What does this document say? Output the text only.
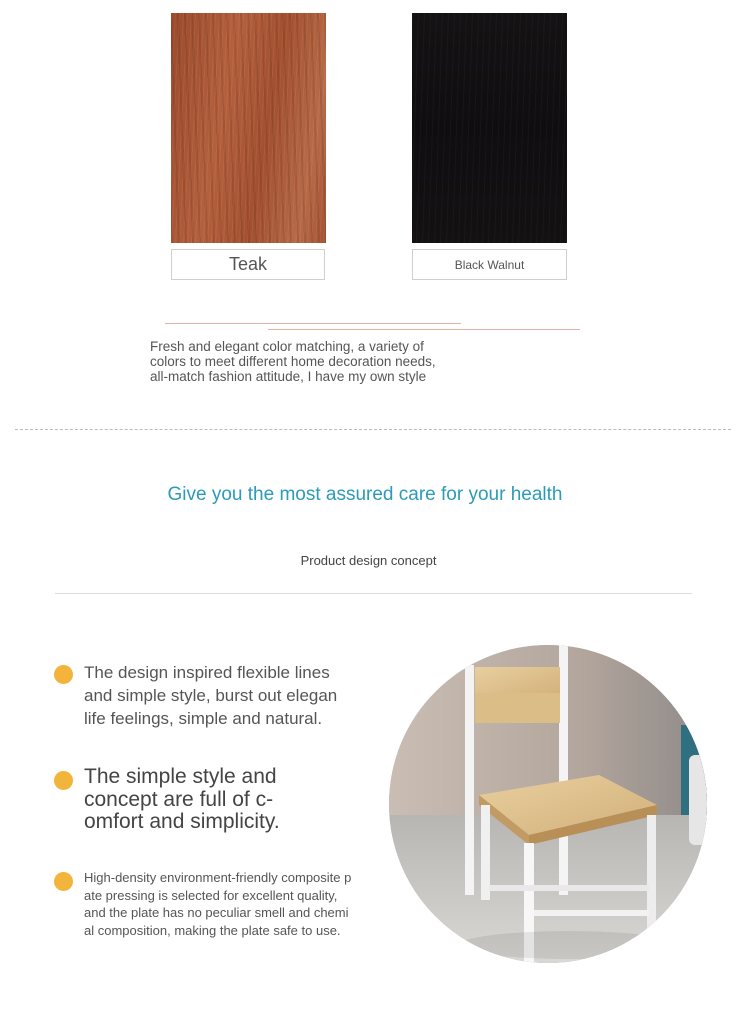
Teak	Black Walnut
Fresh and elegant color matching, a variety of
colors to meet different home decoration needs,
all-match fashion attitude, I have my own style
Give you the most assured care for your health
Product design concept
The design inspired flexible lines
and simple style, burst out elegan
life feelings, simple and natural.
The simple style and
concept are full of c-
omfort and simplicity.
High-density environment-friendly composite p
ate pressing is selected for excellent quality,
and the plate has no peculiar smell and chemi
al composition, making the plate safe to use.
